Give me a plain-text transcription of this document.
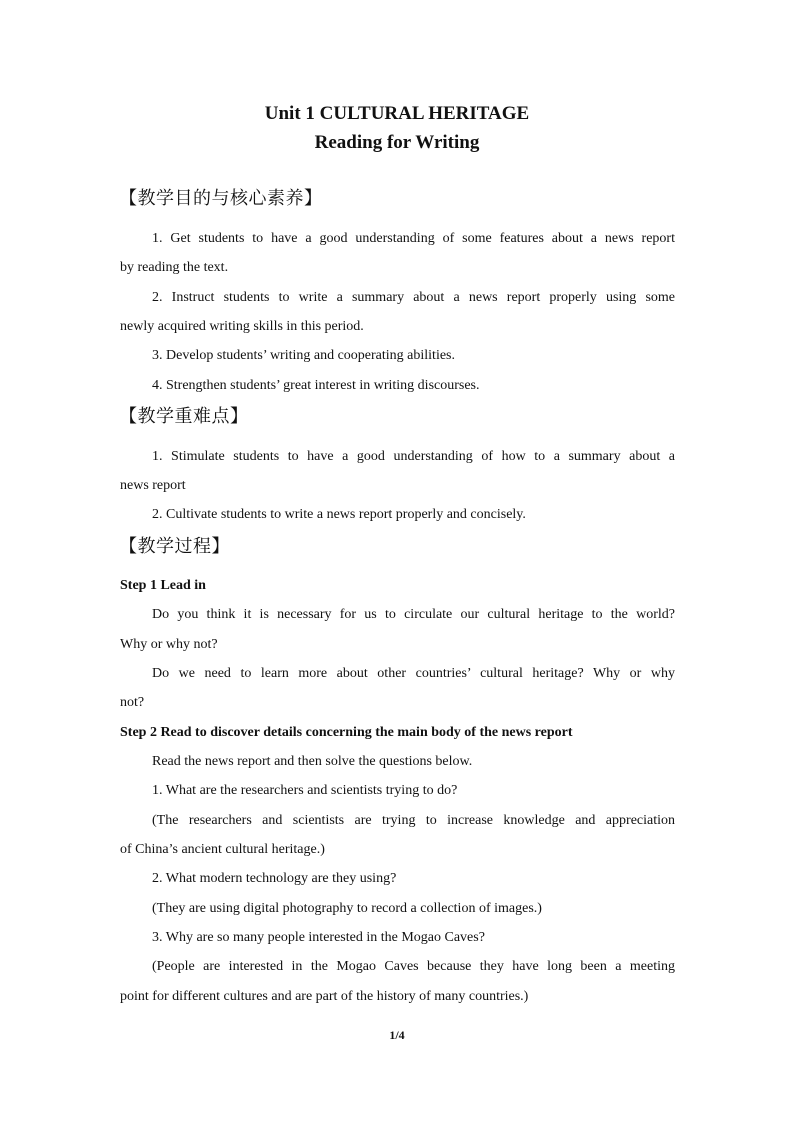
Unit 1 CULTURAL HERITAGE
Reading for Writing
【教学目的与核心素养】

1. Get students to have a good understanding of some features about a news report

by reading the text.

2. Instruct students to write a summary about a news report properly using some

newly acquired writing skills in this period.

3. Develop students’ writing and cooperating abilities.

4. Strengthen students’ great interest in writing discourses.

【教学重难点】

1. Stimulate students to have a good understanding of how to a summary about a

news report

2. Cultivate students to write a news report properly and concisely.

【教学过程】

Step 1 Lead in

Do you think it is necessary for us to circulate our cultural heritage to the world?

Why or why not?

Do we need to learn more about other countries’ cultural heritage? Why or why

not?

Step 2 Read to discover details concerning the main body of the news report

Read the news report and then solve the questions below.

1. What are the researchers and scientists trying to do?

(The researchers and scientists are trying to increase knowledge and appreciation

of China’s ancient cultural heritage.)

2. What modern technology are they using?

(They are using digital photography to record a collection of images.)

3. Why are so many people interested in the Mogao Caves?

(People are interested in the Mogao Caves because they have long been a meeting

point for different cultures and are part of the history of many countries.)

1/4
